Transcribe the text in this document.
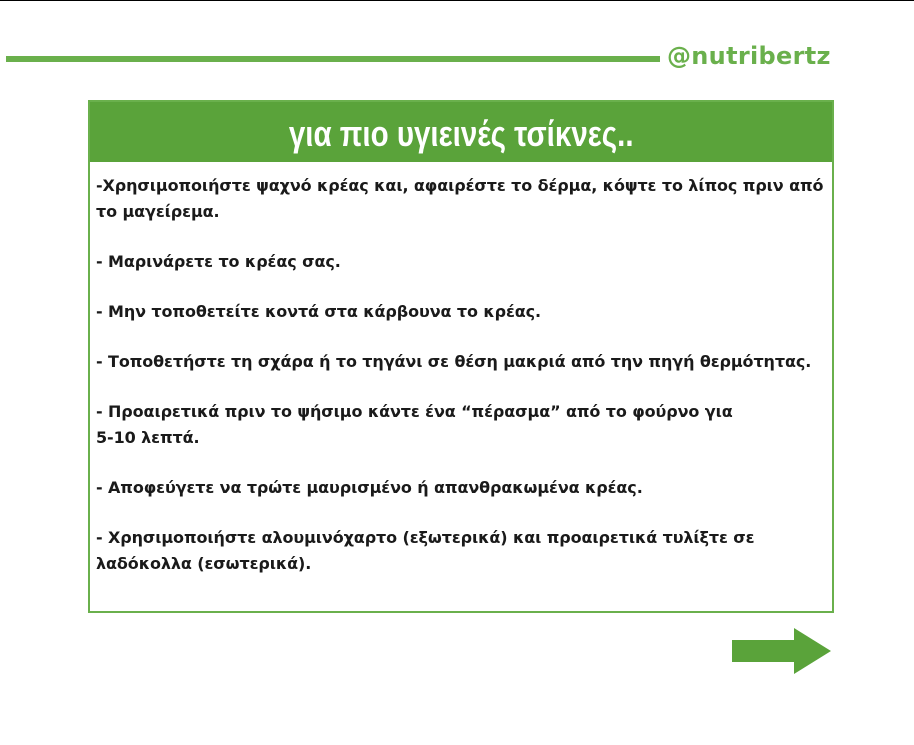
@nutribertz
για πιο υγιεινές τσίκνες..

-Χρησιμοποιήστε ψαχνό κρέας και, αφαιρέστε το δέρμα, κόψτε το λίπος πριν από
το μαγείρεμα.

- Μαρινάρετε το κρέας σας.

- Μην τοποθετείτε κοντά στα κάρβουνα το κρέας.

- Τοποθετήστε τη σχάρα ή το τηγάνι σε θέση μακριά από την πηγή θερμότητας.

- Προαιρετικά πριν το ψήσιμο κάντε ένα “πέρασμα” από το φούρνο για
5-10 λεπτά.

- Αποφεύγετε να τρώτε μαυρισμένο ή απανθρακωμένα κρέας.

- Χρησιμοποιήστε αλουμινόχαρτο (εξωτερικά) και προαιρετικά τυλίξτε σε
λαδόκολλα (εσωτερικά).
